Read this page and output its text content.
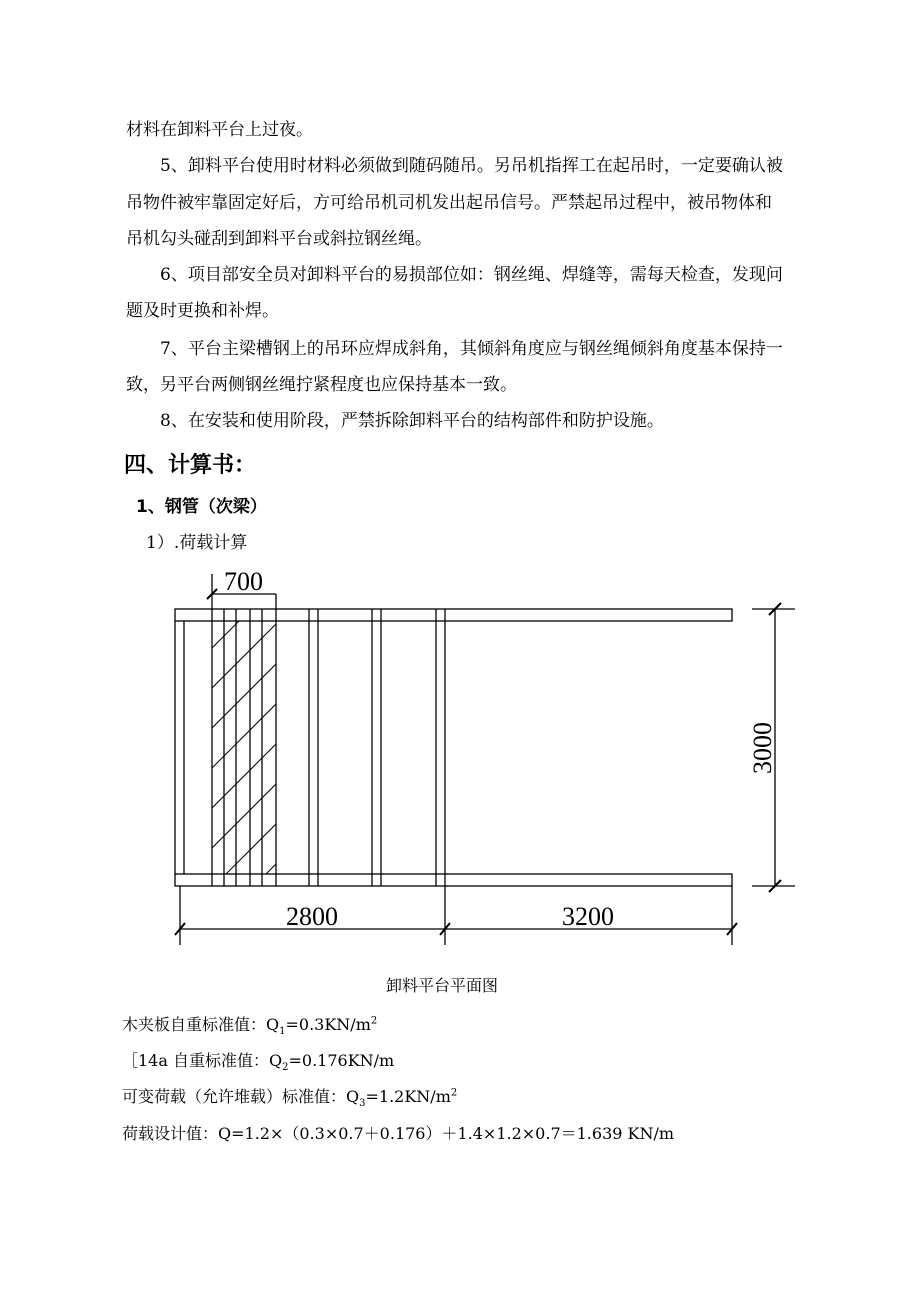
材料在卸料平台上过夜。
5、卸料平台使用时材料必须做到随码随吊。另吊机指挥工在起吊时，一定要确认被
吊物件被牢靠固定好后，方可给吊机司机发出起吊信号。严禁起吊过程中，被吊物体和
吊机勾头碰刮到卸料平台或斜拉钢丝绳。
6、项目部安全员对卸料平台的易损部位如：钢丝绳、焊缝等，需每天检查，发现问
题及时更换和补焊。
7、平台主梁槽钢上的吊环应焊成斜角，其倾斜角度应与钢丝绳倾斜角度基本保持一
致，另平台两侧钢丝绳拧紧程度也应保持基本一致。
8、在安装和使用阶段，严禁拆除卸料平台的结构部件和防护设施。
四、计算书：
1、钢管（次梁）
1）.荷载计算
700
3000
2800	3200
卸料平台平面图
木夹板自重标准值：$Q_1=0.3KN/m^2$
［14a 自重标准值：$Q_2=0.176KN/m$
可变荷载（允许堆载）标准值：$Q_3=1.2KN/m^2$
荷载设计值：Q=1.2×（0.3×0.7＋0.176）＋1.4×1.2×0.7＝1.639 KN/m
